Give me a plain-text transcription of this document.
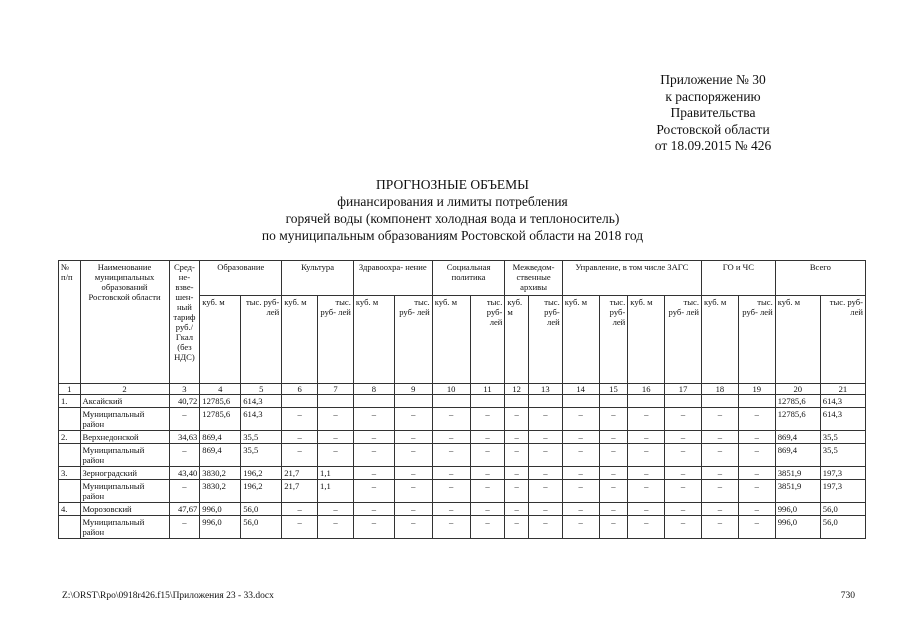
Приложение № 30
к распоряжению
Правительства
Ростовской области
от 18.09.2015 № 426
ПРОГНОЗНЫЕ ОБЪЕМЫ
финансирования и лимиты потребления
горячей воды (компонент холодная вода и теплоноситель)
по муниципальным образованиям Ростовской области на 2018 год
№ п/п	Наименование муниципальных образований Ростовской области	Сред- не- взве- шен- ный тариф руб./ Гкал (без НДС)	Образование		Культура		Здравоохра- нение		Социальная политика		Межведом- ственные архивы		Управление, в том числе ЗАГС				ГО и ЧС		Всего	
			куб. м	тыс. руб- лей	куб. м	тыс. руб- лей	куб. м	тыс. руб- лей	куб. м	тыс. руб- лей	куб. м	тыс. руб- лей	куб. м	тыс. руб- лей	куб. м	тыс. руб- лей	куб. м	тыс. руб- лей	куб. м	тыс. руб- лей
1	2	3	4	5	6	7	8	9	10	11	12	13	14	15	16	17	18	19	20	21
1.	Аксайский	40,72	12785,6	614,3															12785,6	614,3
	Муниципальный район	–	12785,6	614,3	–	–	–	–	–	–	–	–	–	–	–	–	–	–	12785,6	614,3
2.	Верхнедонской	34,63	869,4	35,5	–	–	–	–	–	–	–	–	–	–	–	–	–	–	869,4	35,5
	Муниципальный район	–	869,4	35,5	–	–	–	–	–	–	–	–	–	–	–	–	–	–	869,4	35,5
3.	Зерноградский	43,40	3830,2	196,2	21,7	1,1	–	–	–	–	–	–	–	–	–	–	–	–	3851,9	197,3
	Муниципальный район	–	3830,2	196,2	21,7	1,1	–	–	–	–	–	–	–	–	–	–	–	–	3851,9	197,3
4.	Морозовский	47,67	996,0	56,0	–	–	–	–	–	–	–	–	–	–	–	–	–	–	996,0	56,0
	Муниципальный район	–	996,0	56,0	–	–	–	–	–	–	–	–	–	–	–	–	–	–	996,0	56,0
Z:\ORST\Rpo\0918r426.f15\Приложения 23 - 33.docx	730
